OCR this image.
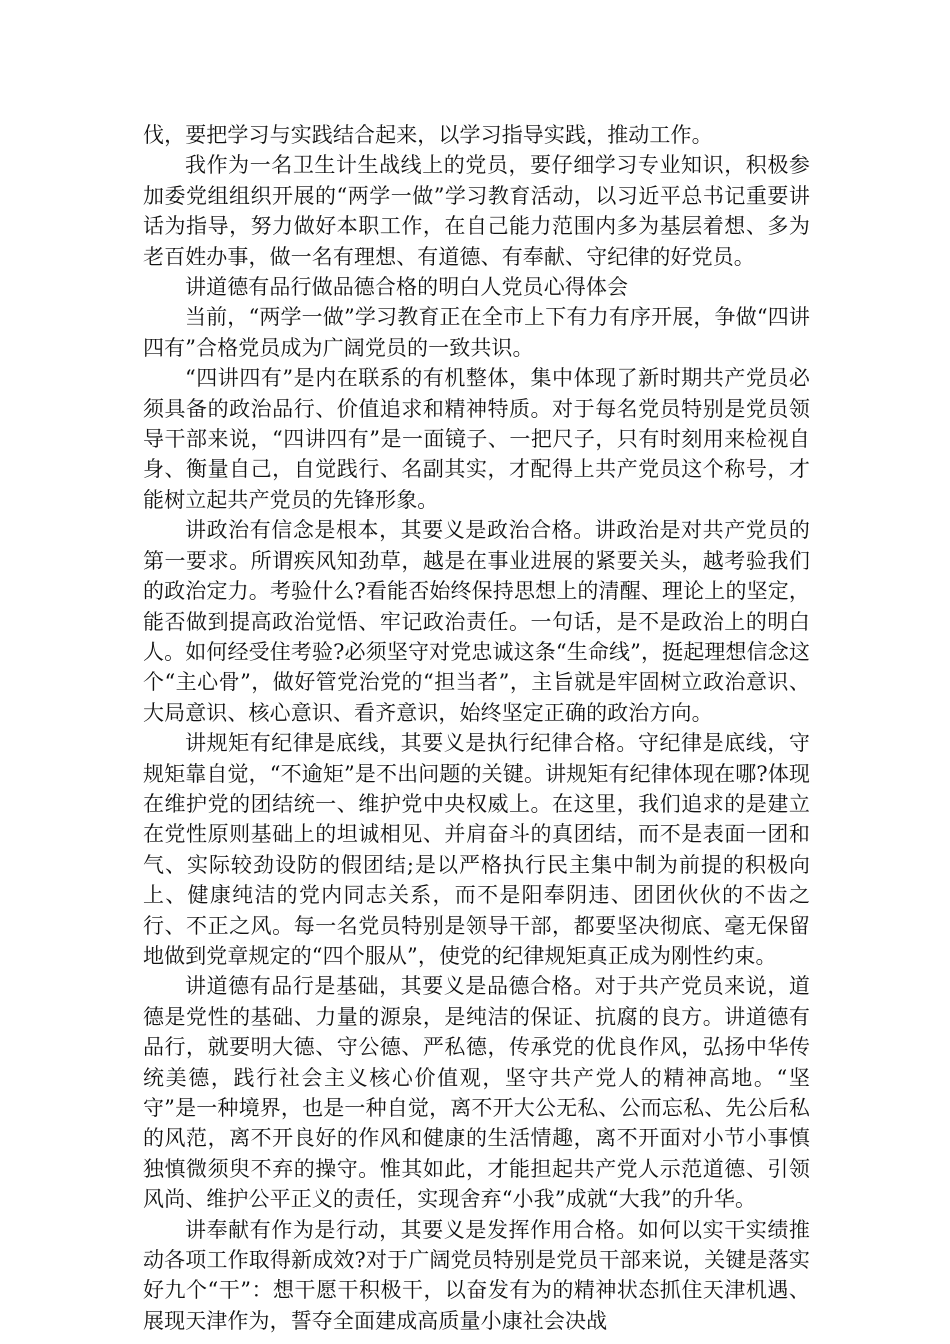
伐，要把学习与实践结合起来，以学习指导实践，推动工作。

我作为一名卫生计生战线上的党员，要仔细学习专业知识，积极参加委党组组织开展的“两学一做”学习教育活动，以习近平总书记重要讲话为指导，努力做好本职工作，在自己能力范围内多为基层着想、多为老百姓办事，做一名有理想、有道德、有奉献、守纪律的好党员。

讲道德有品行做品德合格的明白人党员心得体会

当前，“两学一做”学习教育正在全市上下有力有序开展，争做“四讲四有”合格党员成为广阔党员的一致共识。

“四讲四有”是内在联系的有机整体，集中体现了新时期共产党员必须具备的政治品行、价值追求和精神特质。对于每名党员特别是党员领导干部来说，“四讲四有”是一面镜子、一把尺子，只有时刻用来检视自身、衡量自己，自觉践行、名副其实，才配得上共产党员这个称号，才能树立起共产党员的先锋形象。

讲政治有信念是根本，其要义是政治合格。讲政治是对共产党员的第一要求。所谓疾风知劲草，越是在事业进展的紧要关头，越考验我们的政治定力。考验什么?看能否始终保持思想上的清醒、理论上的坚定，能否做到提高政治觉悟、牢记政治责任。一句话，是不是政治上的明白人。如何经受住考验?必须坚守对党忠诚这条“生命线”，挺起理想信念这个“主心骨”，做好管党治党的“担当者”，主旨就是牢固树立政治意识、大局意识、核心意识、看齐意识，始终坚定正确的政治方向。

讲规矩有纪律是底线，其要义是执行纪律合格。守纪律是底线，守规矩靠自觉，“不逾矩”是不出问题的关键。讲规矩有纪律体现在哪?体现在维护党的团结统一、维护党中央权威上。在这里，我们追求的是建立在党性原则基础上的坦诚相见、并肩奋斗的真团结，而不是表面一团和气、实际较劲设防的假团结;是以严格执行民主集中制为前提的积极向上、健康纯洁的党内同志关系，而不是阳奉阴违、团团伙伙的不齿之行、不正之风。每一名党员特别是领导干部，都要坚决彻底、毫无保留地做到党章规定的“四个服从”，使党的纪律规矩真正成为刚性约束。

讲道德有品行是基础，其要义是品德合格。对于共产党员来说，道德是党性的基础、力量的源泉，是纯洁的保证、抗腐的良方。讲道德有品行，就要明大德、守公德、严私德，传承党的优良作风，弘扬中华传统美德，践行社会主义核心价值观，坚守共产党人的精神高地。“坚守”是一种境界，也是一种自觉，离不开大公无私、公而忘私、先公后私的风范，离不开良好的作风和健康的生活情趣，离不开面对小节小事慎独慎微须臾不弃的操守。惟其如此，才能担起共产党人示范道德、引领风尚、维护公平正义的责任，实现舍弃“小我”成就“大我”的升华。

讲奉献有作为是行动，其要义是发挥作用合格。如何以实干实绩推动各项工作取得新成效?对于广阔党员特别是党员干部来说，关键是落实好九个“干”：想干愿干积极干，以奋发有为的精神状态抓住天津机遇、展现天津作为，誓夺全面建成高质量小康社会决战
